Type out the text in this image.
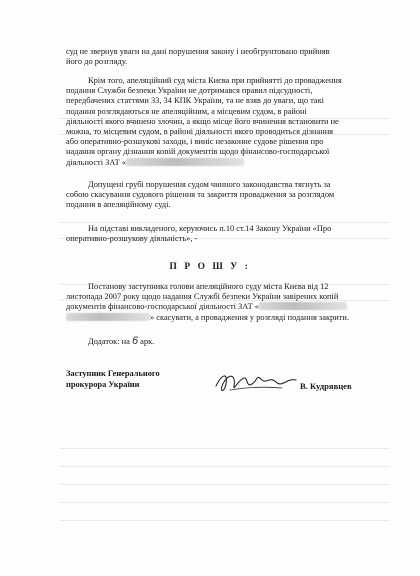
суд не звернув уваги на дані порушення закону і необгрунтовано прийняв
його до розгляду.
Крім того, апеляційний суд міста Києва при прийнятті до провадження
подання Служби безпеки України не дотримався правил підсудності,
передбачених статтями 33, 34 КПК України, та не взяв до уваги, що такі
подання розглядаються не апеляційним, а місцевим судом, в районі
діяльності якого вчинено злочин, а якщо місце його вчинення встановити не
можна, то місцевим судом, в районі діяльності якого проводиться дізнання
або оперативно-розшукові заходи, і виніс незаконне судове рішення про
надання органу дізнання копій документів щодо фінансово-господарської
діяльності ЗАТ «
Допущені грубі порушення судом чинного законодавства тягнуть за
собою скасування судового рішення та закриття провадження за розглядом
подання в апеляційному суді.
На підставі викладеного, керуючись п.10 ст.14 Закону України «Про
оперативно-розшукову діяльність», -
П Р О Ш У :
Постанову заступника голови апеляційного суду міста Києва від 12
листопада 2007 року щодо надання Службі безпеки України завірених копій
документів фінансово-господарської діяльності ЗАТ «
» скасувати, а провадження у розгляді подання закрити.
Додаток: на 6 арк.
Заступник Генерального
прокурора України	В. Кудрявцев
